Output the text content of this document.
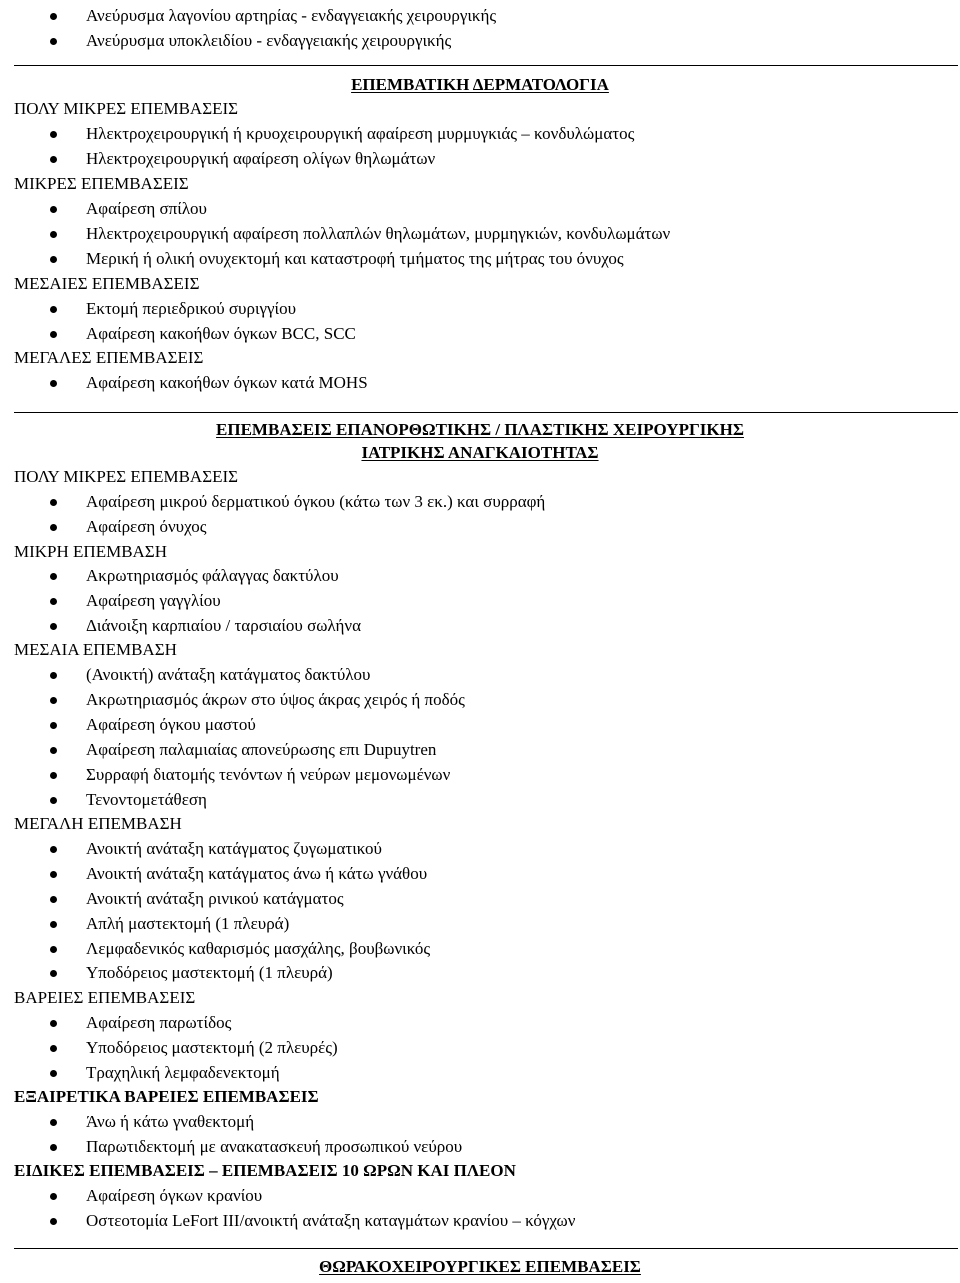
Ανεύρυσμα λαγονίου αρτηρίας - ενδαγγειακής χειρουργικής
Ανεύρυσμα υποκλειδίου - ενδαγγειακής χειρουργικής
ΕΠΕΜΒΑΤΙΚΗ ΔΕΡΜΑΤΟΛΟΓΙΑ
ΠΟΛΥ ΜΙΚΡΕΣ ΕΠΕΜΒΑΣΕΙΣ
Ηλεκτροχειρουργική ή κρυοχειρουργική αφαίρεση μυρμυγκιάς – κονδυλώματος
Ηλεκτροχειρουργική αφαίρεση ολίγων θηλωμάτων
ΜΙΚΡΕΣ ΕΠΕΜΒΑΣΕΙΣ
Αφαίρεση σπίλου
Ηλεκτροχειρουργική αφαίρεση πολλαπλών θηλωμάτων, μυρμηγκιών, κονδυλωμάτων
Μερική ή ολική ονυχεκτομή και καταστροφή τμήματος της μήτρας του όνυχος
ΜΕΣΑΙΕΣ ΕΠΕΜΒΑΣΕΙΣ
Εκτομή περιεδρικού συριγγίου
Αφαίρεση κακοήθων όγκων BCC, SCC
ΜΕΓΑΛΕΣ ΕΠΕΜΒΑΣΕΙΣ
Αφαίρεση κακοήθων όγκων κατά MOHS
ΕΠΕΜΒΑΣΕΙΣ ΕΠΑΝΟΡΘΩΤΙΚΗΣ / ΠΛΑΣΤΙΚΗΣ ΧΕΙΡΟΥΡΓΙΚΗΣ
ΙΑΤΡΙΚΗΣ ΑΝΑΓΚΑΙΟΤΗΤΑΣ
ΠΟΛΥ ΜΙΚΡΕΣ ΕΠΕΜΒΑΣΕΙΣ
Αφαίρεση μικρού δερματικού όγκου (κάτω των 3 εκ.) και συρραφή
Αφαίρεση όνυχος
ΜΙΚΡΗ ΕΠΕΜΒΑΣΗ
Ακρωτηριασμός φάλαγγας δακτύλου
Αφαίρεση γαγγλίου
Διάνοιξη καρπιαίου / ταρσιαίου σωλήνα
ΜΕΣΑΙΑ ΕΠΕΜΒΑΣΗ
(Ανοικτή) ανάταξη κατάγματος δακτύλου
Ακρωτηριασμός άκρων στο ύψος άκρας χειρός ή ποδός
Αφαίρεση όγκου μαστού
Αφαίρεση παλαμιαίας απονεύρωσης επι Dupuytren
Συρραφή διατομής τενόντων ή νεύρων μεμονωμένων
Τενοντομετάθεση
ΜΕΓΑΛΗ ΕΠΕΜΒΑΣΗ
Ανοικτή ανάταξη κατάγματος ζυγωματικού
Ανοικτή ανάταξη κατάγματος άνω ή κάτω γνάθου
Ανοικτή ανάταξη ρινικού κατάγματος
Απλή μαστεκτομή (1 πλευρά)
Λεμφαδενικός καθαρισμός μασχάλης, βουβωνικός
Υποδόρειος μαστεκτομή (1 πλευρά)
ΒΑΡΕΙΕΣ ΕΠΕΜΒΑΣΕΙΣ
Αφαίρεση παρωτίδος
Υποδόρειος μαστεκτομή (2 πλευρές)
Τραχηλική λεμφαδενεκτομή
ΕΞΑΙΡΕΤΙΚΑ ΒΑΡΕΙΕΣ ΕΠΕΜΒΑΣΕΙΣ
Άνω ή κάτω γναθεκτομή
Παρωτιδεκτομή με ανακατασκευή προσωπικού νεύρου
ΕΙΔΙΚΕΣ ΕΠΕΜΒΑΣΕΙΣ – ΕΠΕΜΒΑΣΕΙΣ 10 ΩΡΩΝ ΚΑΙ ΠΛΕΟΝ
Αφαίρεση όγκων κρανίου
Οστεοτομία LeFort III/ανοικτή ανάταξη καταγμάτων κρανίου – κόγχων
ΘΩΡΑΚΟΧΕΙΡΟΥΡΓΙΚΕΣ ΕΠΕΜΒΑΣΕΙΣ
